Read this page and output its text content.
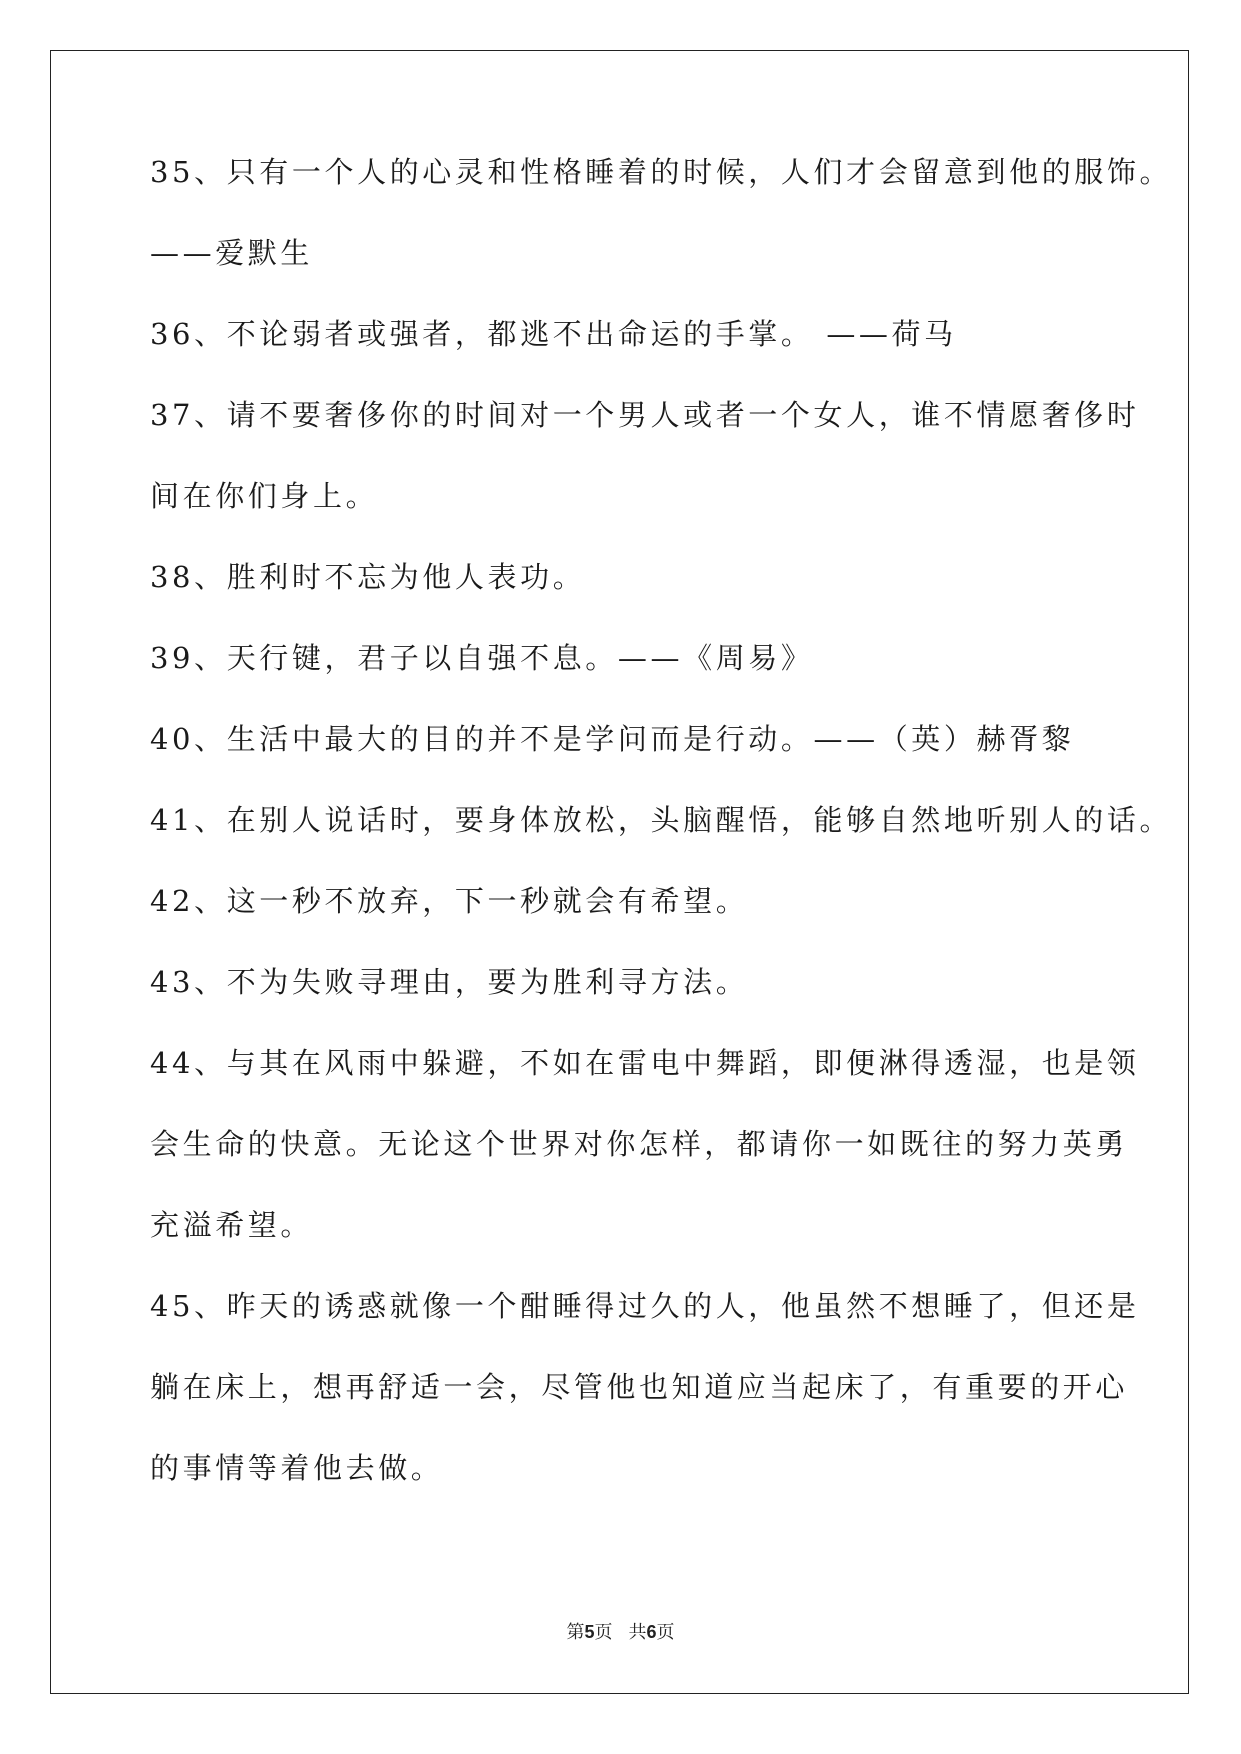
35、只有一个人的心灵和性格睡着的时候，人们才会留意到他的服饰。

——爱默生

36、不论弱者或强者，都逃不出命运的手掌。 ——荷马

37、请不要奢侈你的时间对一个男人或者一个女人，谁不情愿奢侈时

间在你们身上。

38、胜利时不忘为他人表功。

39、天行键，君子以自强不息。——《周易》

40、生活中最大的目的并不是学问而是行动。——（英）赫胥黎

41、在别人说话时，要身体放松，头脑醒悟，能够自然地听别人的话。

42、这一秒不放弃，下一秒就会有希望。

43、不为失败寻理由，要为胜利寻方法。

44、与其在风雨中躲避，不如在雷电中舞蹈，即便淋得透湿，也是领

会生命的快意。无论这个世界对你怎样，都请你一如既往的努力英勇

充溢希望。

45、昨天的诱惑就像一个酣睡得过久的人，他虽然不想睡了，但还是

躺在床上，想再舒适一会，尽管他也知道应当起床了，有重要的开心

的事情等着他去做。

第5页 共6页
